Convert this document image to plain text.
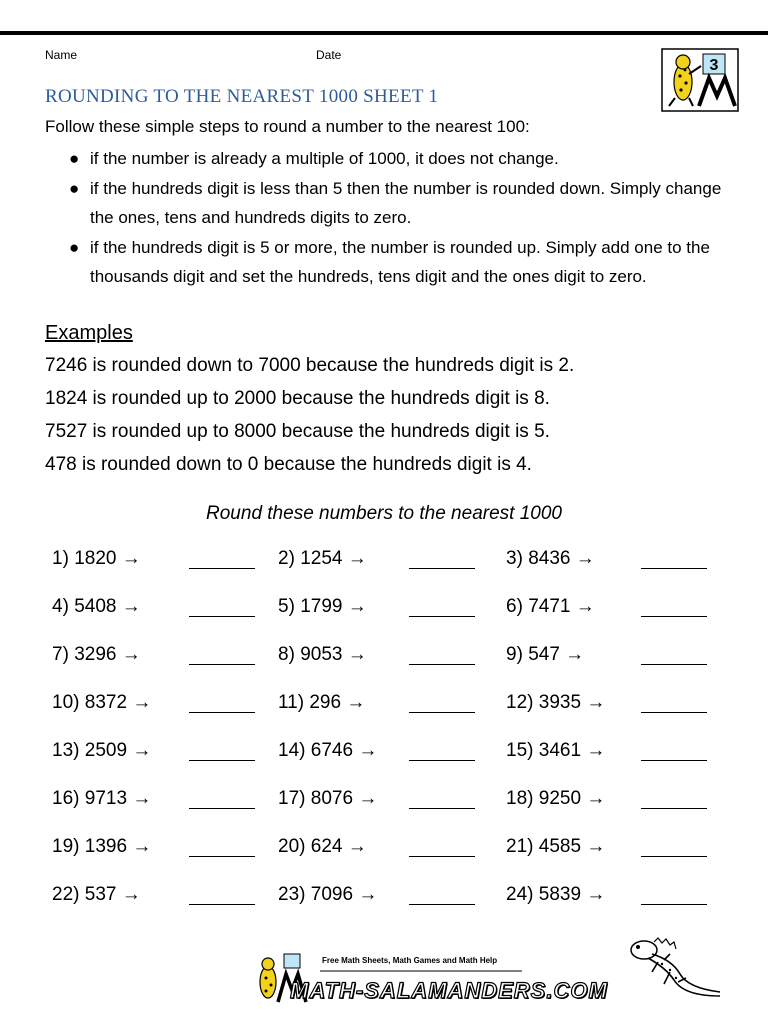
Name	Date
ROUNDING TO THE NEAREST 1000 SHEET 1
3
Follow these simple steps to round a number to the nearest 100:
● if the number is already a multiple of 1000, it does not change.
● if the hundreds digit is less than 5 then the number is rounded down. Simply change the ones, tens and hundreds digits to zero.
● if the hundreds digit is 5 or more, the number is rounded up. Simply add one to the thousands digit and set the hundreds, tens digit and the ones digit to zero.
Examples
7246 is rounded down to 7000 because the hundreds digit is 2.
1824 is rounded up to 2000 because the hundreds digit is 8.
7527 is rounded up to 8000 because the hundreds digit is 5.
478 is rounded down to 0 because the hundreds digit is 4.
Round these numbers to the nearest 1000
1) 1820 →	2) 1254 →	3) 8436 →
4) 5408 →	5) 1799 →	6) 7471 →
7) 3296 →	8) 9053 →	9) 547 →
10) 8372 →	11) 296 →	12) 3935 →
13) 2509 →	14) 6746 →	15) 3461 →
16) 9713 →	17) 8076 →	18) 9250 →
19) 1396 →	20) 624 →	21) 4585 →
22) 537 →	23) 7096 →	24) 5839 →
Free Math Sheets, Math Games and Math Help
MATH-SALAMANDERS.COM
